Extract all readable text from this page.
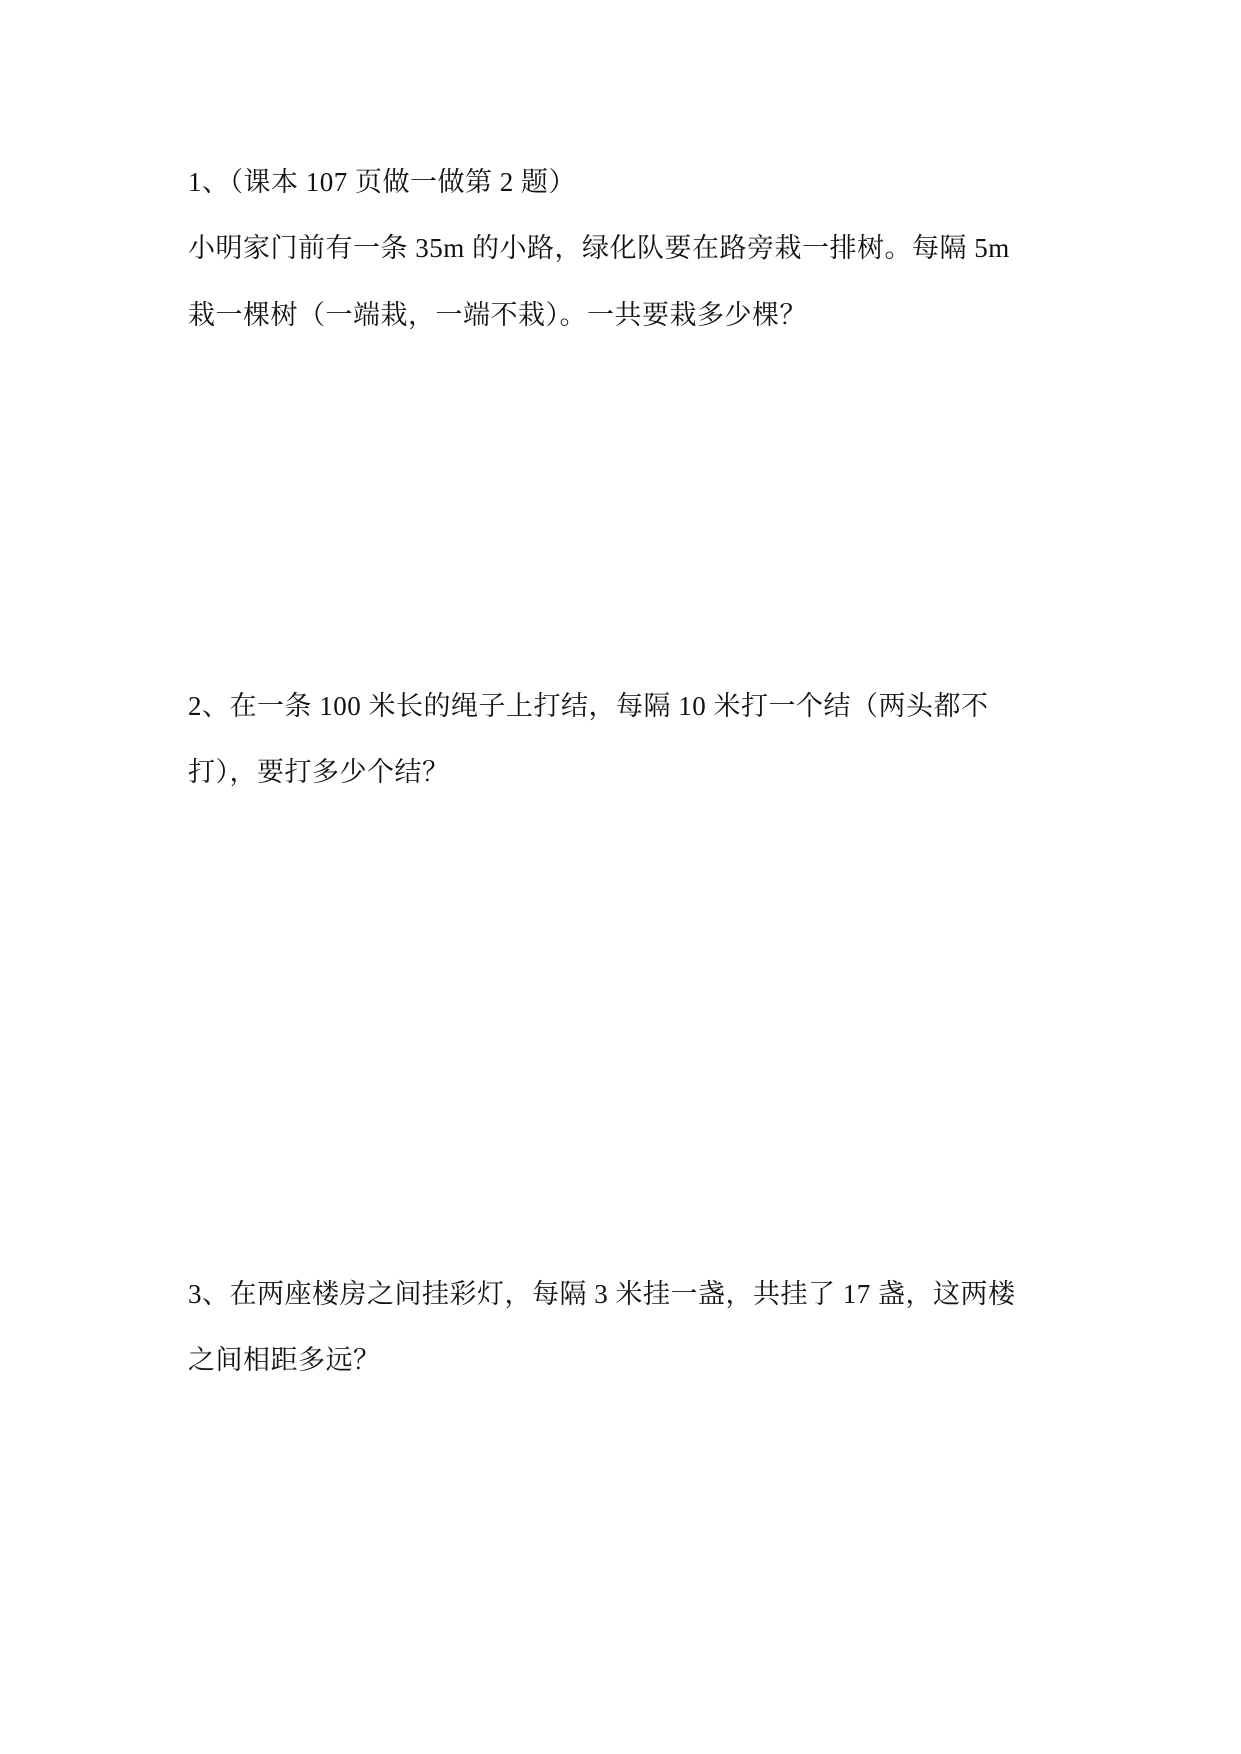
1、（课本 107 页做一做第 2 题）
小明家门前有一条 35m 的小路，绿化队要在路旁栽一排树。每隔 5m
栽一棵树（一端栽，一端不栽）。一共要栽多少棵？
2、在一条 100 米长的绳子上打结，每隔 10 米打一个结（两头都不
打），要打多少个结？
3、在两座楼房之间挂彩灯，每隔 3 米挂一盏，共挂了 17 盏，这两楼
之间相距多远？
